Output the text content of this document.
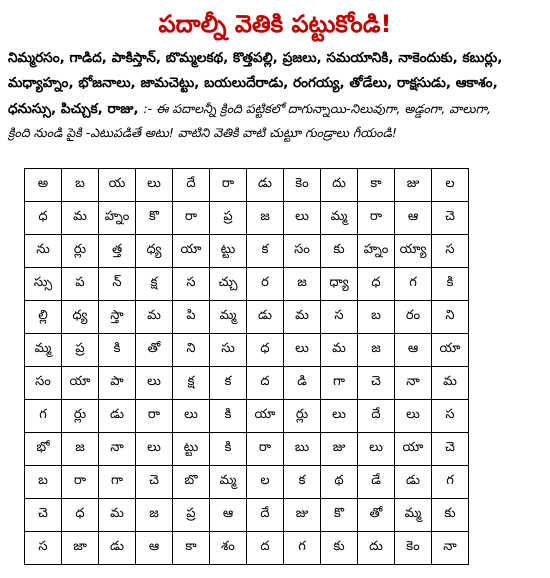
పదాల్నీ వెతికి పట్టుకోండి!
నిమ్మరసం, గాడిద, పాకిస్తాన్, బొమ్మలకథ, కొత్తపల్లి, ప్రజలు, సమయానికి, నాకెందుకు, కబుర్లు, మధ్యాహ్నం, భోజనాలు, జామచెట్టు, బయలుదేరాడు, రంగయ్య, తోడేలు, రాక్షసుడు, ఆకాశం, ధనుస్సు, పిచ్చుక, రాజు, :- ఈ పదాలన్నీ క్రింది పట్టికలో దాగున్నాయి-నిలువుగా, అడ్డంగా, వాలుగా,
క్రింది నుండి పైకి -ఎటుపడితే అటు! వాటిని వెతికి వాటి చుట్టూ గుండ్రాలు గీయండి!
అ	బ	య	లు	దే	రా	డు	కెం	దు	కా	జు	ల
ధ	మ	హ్నం	కొ	రా	ప్ర	జ	లు	మ్మ	రా	ఆ	చె
ను	ర్లు	త్త	ధ్య	యా	ట్టు	క	సం	కు	హ్నం	య్యా	స
స్సు	ప	న్	క్ష	స	చ్చు	ర	జ	ధ్యా	ధ	గ	కి
ల్లి	ధ్య	స్తా	మ	పి	మ్మ	డు	మ	స	బ	రం	ని
మ్మ	ప్ర	కి	తో	ని	సు	ధ	లు	మ	జ	ఆ	యా
సం	యా	పా	లు	క్ష	క	ద	డి	గా	చె	నా	మ
గ	ర్లు	డు	రా	లు	కి	యా	ర్లు	లు	దే	లు	స
భో	జ	నా	లు	ట్టు	కి	రా	బు	జు	లు	యా	చె
బ	రా	గా	చె	బొ	మ్మ	ల	క	థ	డే	డు	గ
చె	ధ	మ	జ	ప్ర	ఆ	దే	జు	కొ	తో	మ్మ	కు
స	జా	డు	ఆ	కా	శం	ద	గ	కు	దు	కెం	నా
